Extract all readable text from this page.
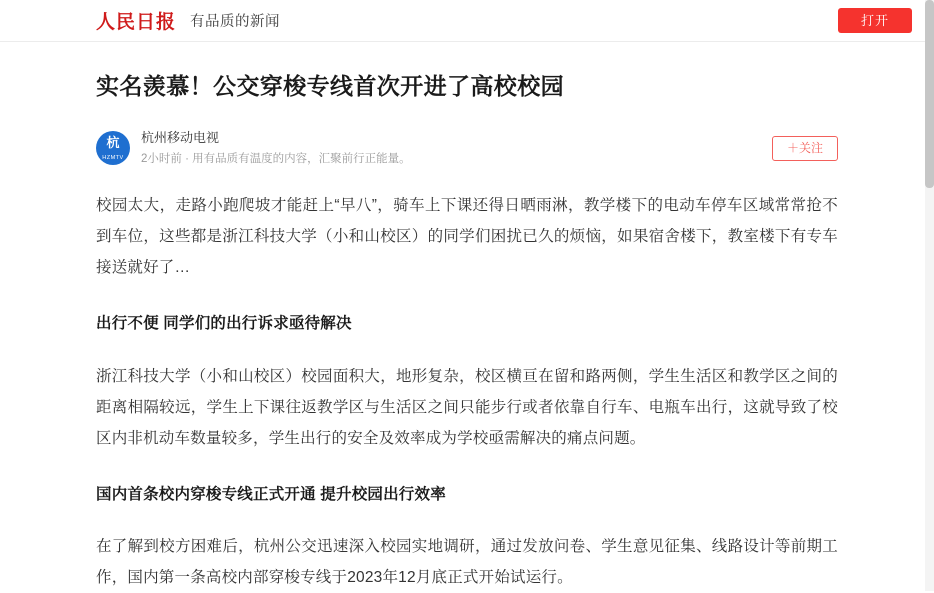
人民日报 有品质的新闻	打开
实名羡慕！公交穿梭专线首次开进了高校校园
杭
HZMTV
杭州移动电视
2小时前 · 用有品质有温度的内容，汇聚前行正能量。
＋关注

校园太大，走路小跑爬坡才能赶上“早八”，骑车上下课还得日晒雨淋，教学楼下的电动车停车区域常常抢不到车位，这些都是浙江科技大学（小和山校区）的同学们困扰已久的烦恼，如果宿舍楼下，教室楼下有专车接送就好了…

出行不便 同学们的出行诉求亟待解决

浙江科技大学（小和山校区）校园面积大，地形复杂，校区横亘在留和路两侧，学生生活区和教学区之间的距离相隔较远，学生上下课往返教学区与生活区之间只能步行或者依靠自行车、电瓶车出行，这就导致了校区内非机动车数量较多，学生出行的安全及效率成为学校亟需解决的痛点问题。

国内首条校内穿梭专线正式开通 提升校园出行效率

在了解到校方困难后，杭州公交迅速深入校园实地调研，通过发放问卷、学生意见征集、线路设计等前期工作，国内第一条高校内部穿梭专线于2023年12月底正式开始试运行。
